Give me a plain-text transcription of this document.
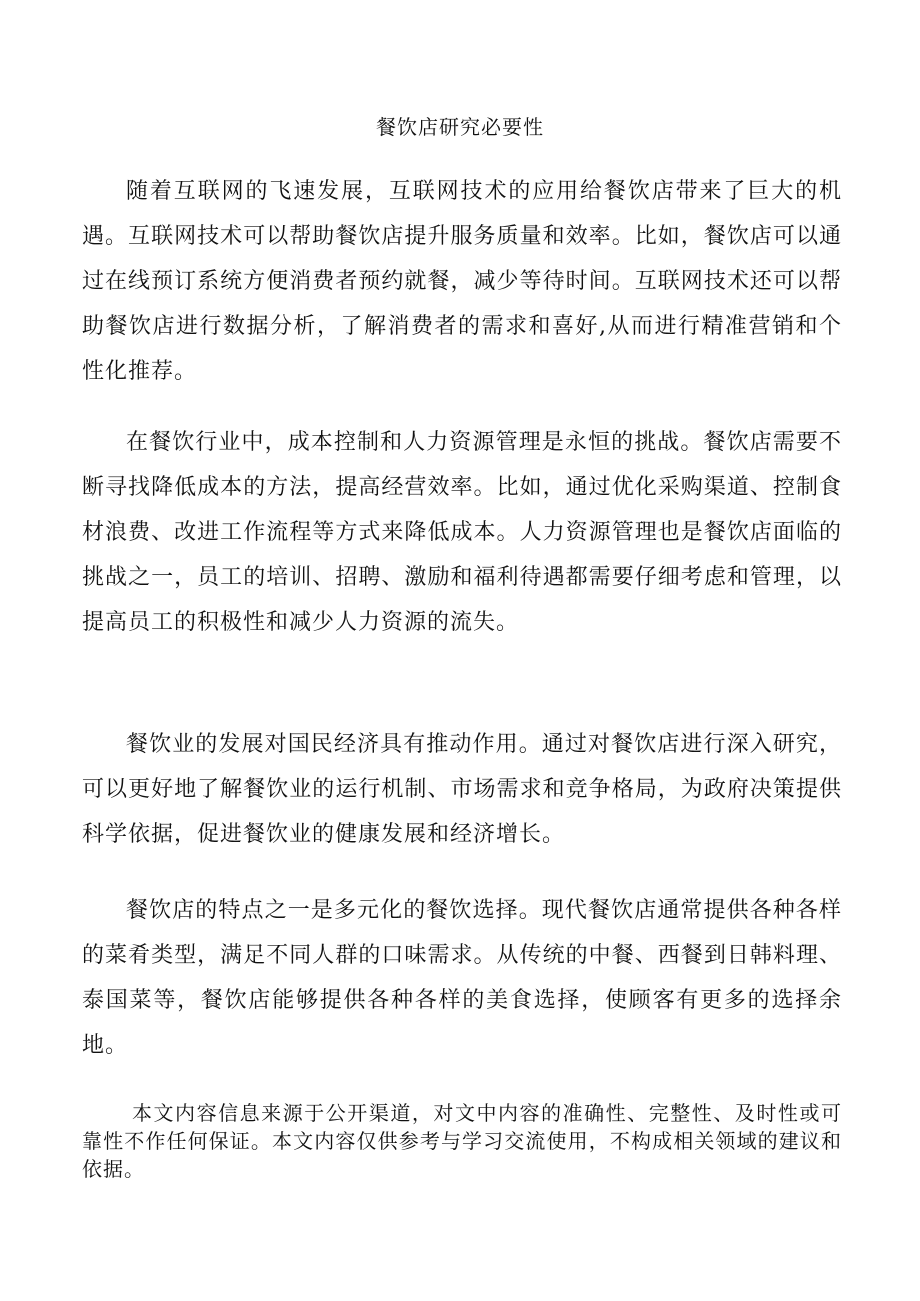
餐饮店研究必要性

随着互联网的飞速发展，互联网技术的应用给餐饮店带来了巨大的机遇。互联网技术可以帮助餐饮店提升服务质量和效率。比如，餐饮店可以通过在线预订系统方便消费者预约就餐，减少等待时间。互联网技术还可以帮助餐饮店进行数据分析，了解消费者的需求和喜好,从而进行精准营销和个性化推荐。

在餐饮行业中，成本控制和人力资源管理是永恒的挑战。餐饮店需要不断寻找降低成本的方法，提高经营效率。比如，通过优化采购渠道、控制食材浪费、改进工作流程等方式来降低成本。人力资源管理也是餐饮店面临的挑战之一，员工的培训、招聘、激励和福利待遇都需要仔细考虑和管理，以提高员工的积极性和减少人力资源的流失。

餐饮业的发展对国民经济具有推动作用。通过对餐饮店进行深入研究，可以更好地了解餐饮业的运行机制、市场需求和竞争格局，为政府决策提供科学依据，促进餐饮业的健康发展和经济增长。

餐饮店的特点之一是多元化的餐饮选择。现代餐饮店通常提供各种各样的菜肴类型，满足不同人群的口味需求。从传统的中餐、西餐到日韩料理、泰国菜等，餐饮店能够提供各种各样的美食选择，使顾客有更多的选择余地。

本文内容信息来源于公开渠道，对文中内容的准确性、完整性、及时性或可靠性不作任何保证。本文内容仅供参考与学习交流使用，不构成相关领域的建议和依据。
